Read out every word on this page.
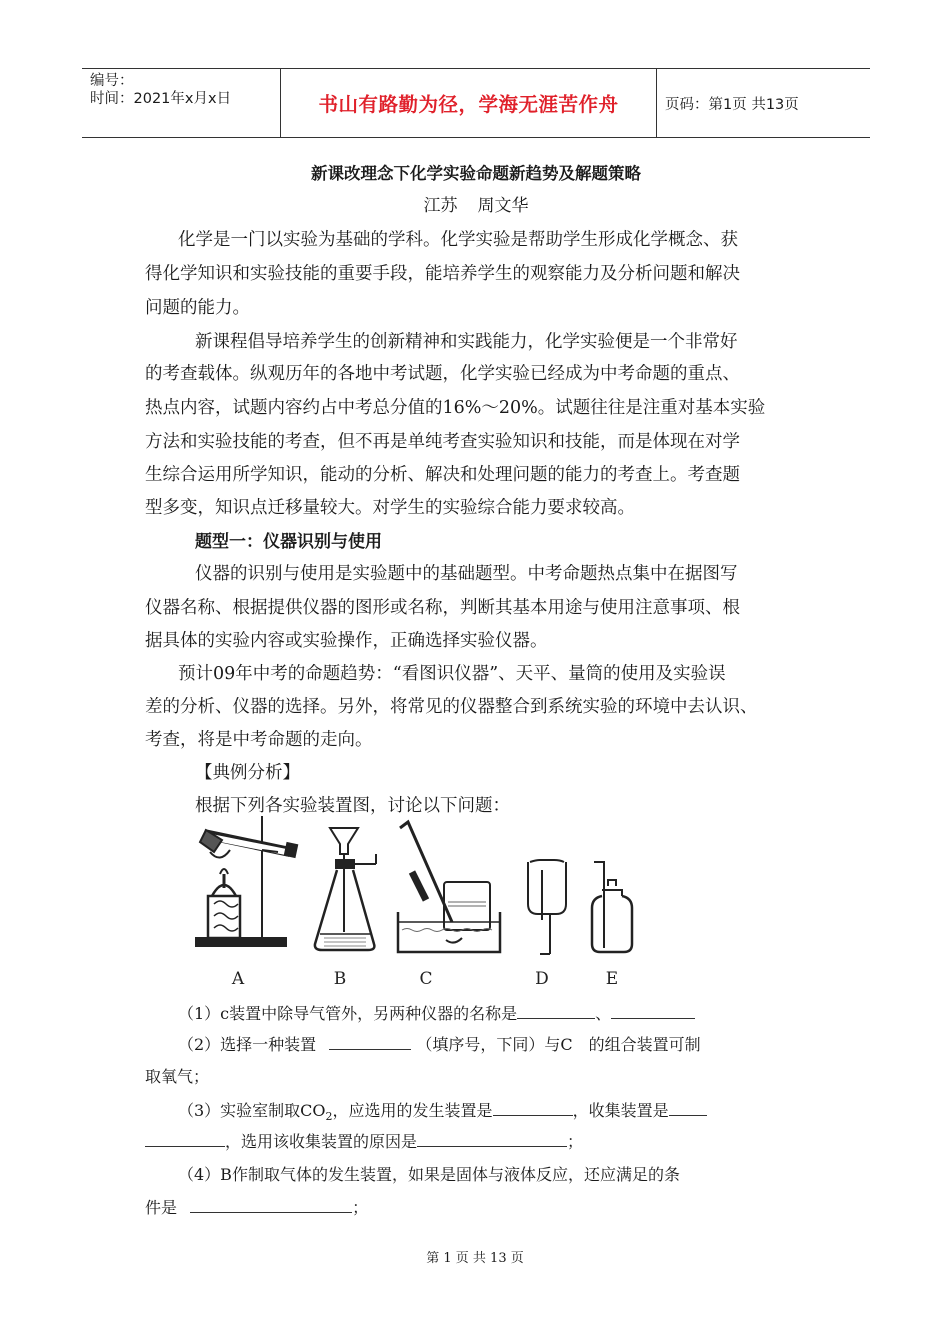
编号：
时间：2021年x月x日	书山有路勤为径，学海无涯苦作舟	页码：第1页 共13页
新课改理念下化学实验命题新趋势及解题策略
江苏 周文华
化学是一门以实验为基础的学科。化学实验是帮助学生形成化学概念、获
得化学知识和实验技能的重要手段，能培养学生的观察能力及分析问题和解决
问题的能力。
新课程倡导培养学生的创新精神和实践能力，化学实验便是一个非常好
的考查载体。纵观历年的各地中考试题，化学实验已经成为中考命题的重点、
热点内容，试题内容约占中考总分值的16%～20%。试题往往是注重对基本实验
方法和实验技能的考查，但不再是单纯考查实验知识和技能，而是体现在对学
生综合运用所学知识，能动的分析、解决和处理问题的能力的考查上。考查题
型多变，知识点迁移量较大。对学生的实验综合能力要求较高。
题型一：仪器识别与使用
仪器的识别与使用是实验题中的基础题型。中考命题热点集中在据图写
仪器名称、根据提供仪器的图形或名称，判断其基本用途与使用注意事项、根
据具体的实验内容或实验操作，正确选择实验仪器。
预计09年中考的命题趋势：“看图识仪器”、天平、量筒的使用及实验误
差的分析、仪器的选择。另外，将常见的仪器整合到系统实验的环境中去认识、
考查，将是中考命题的走向。
【典例分析】
根据下列各实验装置图，讨论以下问题：
A	B	C	D	E
（1）c装置中除导气管外，另两种仪器的名称是	、
（2）选择一种装置	（填序号，下同）与C　的组合装置可制
取氧气；
（3）实验室制取$CO_2$，应选用的发生装置是	，收集装置是
，选用该收集装置的原因是	；
（4）B作制取气体的发生装置，如果是固体与液体反应，还应满足的条
件是	；
第 1 页 共 13 页
